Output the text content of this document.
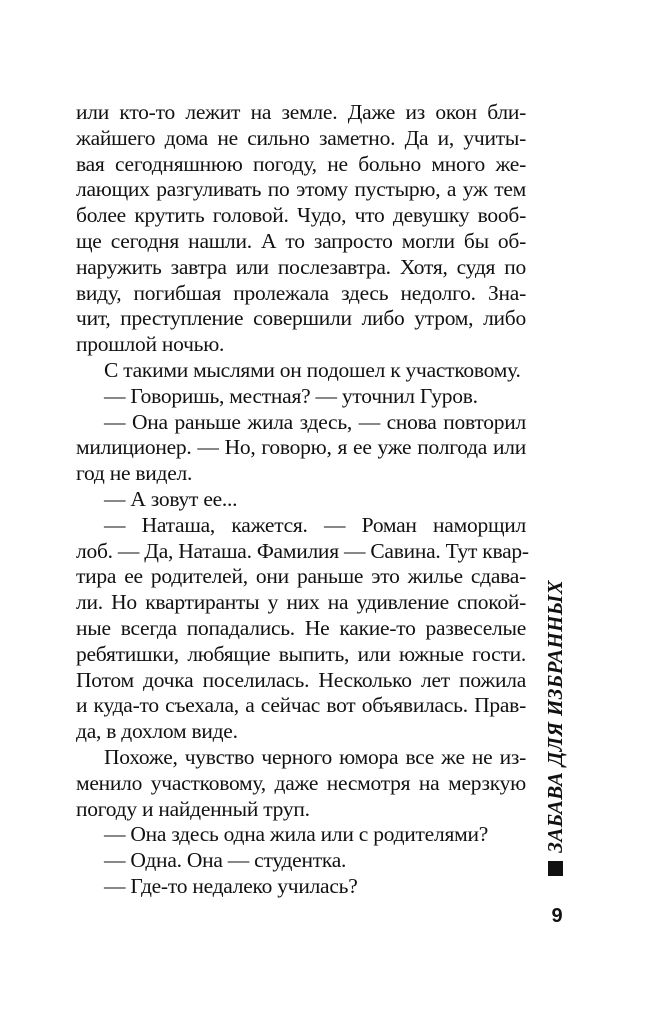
или кто-то лежит на земле. Даже из окон бли-
жайшего дома не сильно заметно. Да и, учиты-
вая сегодняшнюю погоду, не больно много же-
лающих разгуливать по этому пустырю, а уж тем
более крутить головой. Чудо, что девушку вооб-
ще сегодня нашли. А то запросто могли бы об-
наружить завтра или послезавтра. Хотя, судя по
виду, погибшая пролежала здесь недолго. Зна-
чит, преступление совершили либо утром, либо
прошлой ночью.
С такими мыслями он подошел к участковому.
— Говоришь, местная? — уточнил Гуров.
— Она раньше жила здесь, — снова повторил
милиционер. — Но, говорю, я ее уже полгода или
год не видел.
— А зовут ее...
— Наташа, кажется. — Роман наморщил
лоб. — Да, Наташа. Фамилия — Савина. Тут квар-
тира ее родителей, они раньше это жилье сдава-
ли. Но квартиранты у них на удивление спокой-
ные всегда попадались. Не какие-то развеселые
ребятишки, любящие выпить, или южные гости.
Потом дочка поселилась. Несколько лет пожила
и куда-то съехала, а сейчас вот объявилась. Прав-
да, в дохлом виде.
Похоже, чувство черного юмора все же не из-
менило участковому, даже несмотря на мерзкую
погоду и найденный труп.
— Она здесь одна жила или с родителями?
— Одна. Она — студентка.
— Где-то недалеко училась?
ЗАБАВА ДЛЯ ИЗБРАННЫХ
9
